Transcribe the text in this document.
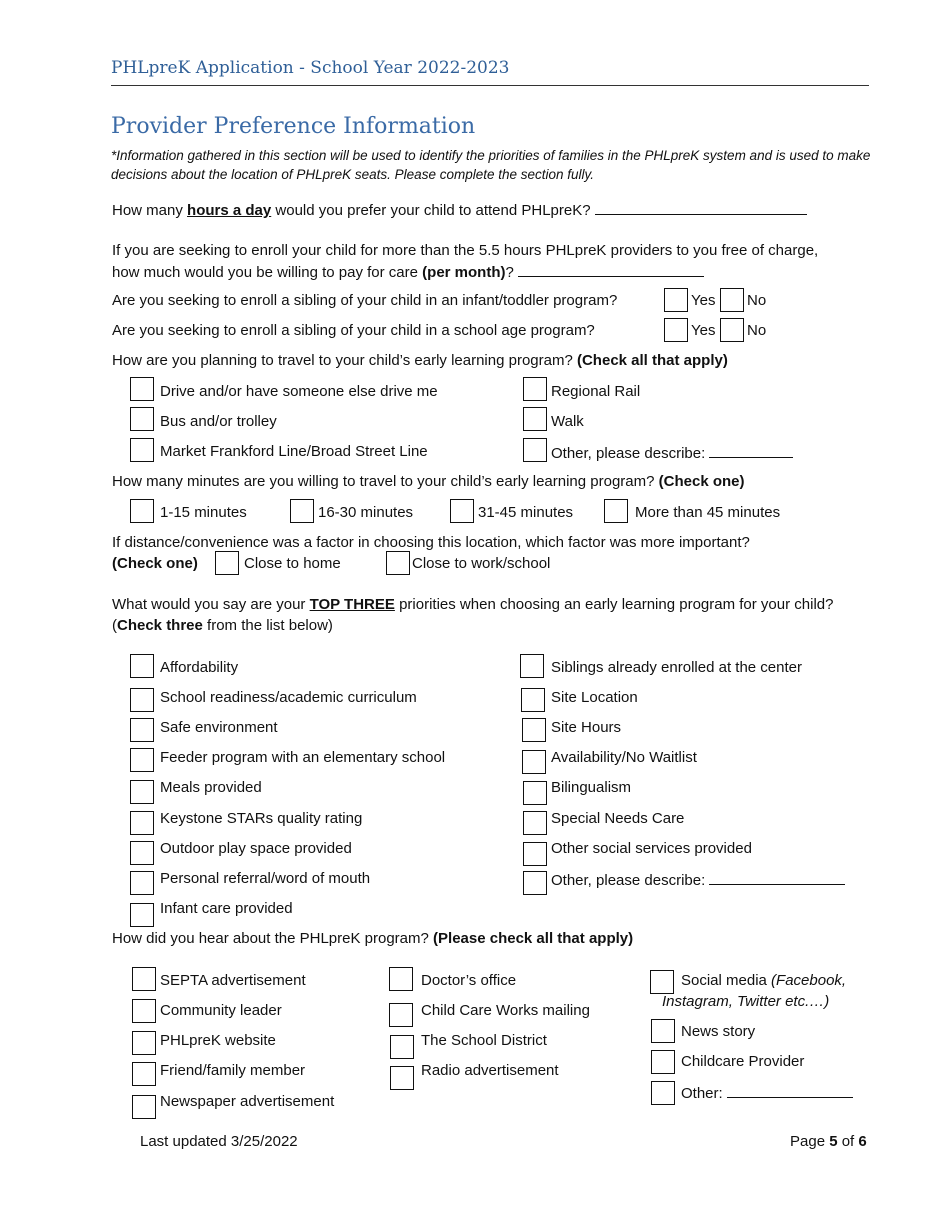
PHLpreK Application - School Year 2022-2023
Provider Preference Information
*Information gathered in this section will be used to identify the priorities of families in the PHLpreK system and is used to make decisions about the location of PHLpreK seats. Please complete the section fully.
How many hours a day would you prefer your child to attend PHLpreK?
If you are seeking to enroll your child for more than the 5.5 hours PHLpreK providers to you free of charge,
how much would you be willing to pay for care (per month)?
Are you seeking to enroll a sibling of your child in an infant/toddler program?	Yes No
Are you seeking to enroll a sibling of your child in a school age program?	Yes No
How are you planning to travel to your child’s early learning program? (Check all that apply)
Drive and/or have someone else drive me	Regional Rail
Bus and/or trolley	Walk
Market Frankford Line/Broad Street Line	Other, please describe:
How many minutes are you willing to travel to your child’s early learning program? (Check one)
1-15 minutes	16-30 minutes	31-45 minutes	More than 45 minutes
If distance/convenience was a factor in choosing this location, which factor was more important?
(Check one)	Close to home	Close to work/school
What would you say are your TOP THREE priorities when choosing an early learning program for your child?
(Check three from the list below)
Affordability
School readiness/academic curriculum
Safe environment
Feeder program with an elementary school
Meals provided
Keystone STARs quality rating
Outdoor play space provided
Personal referral/word of mouth
Infant care provided
Siblings already enrolled at the center
Site Location
Site Hours
Availability/No Waitlist
Bilingualism
Special Needs Care
Other social services provided
Other, please describe:
How did you hear about the PHLpreK program? (Please check all that apply)
SEPTA advertisement
Community leader
PHLpreK website
Friend/family member
Newspaper advertisement
Doctor’s office
Child Care Works mailing
The School District
Radio advertisement
Social media (Facebook,
Instagram, Twitter etc.…)
News story
Childcare Provider
Other:
Last updated 3/25/2022	Page 5 of 6
